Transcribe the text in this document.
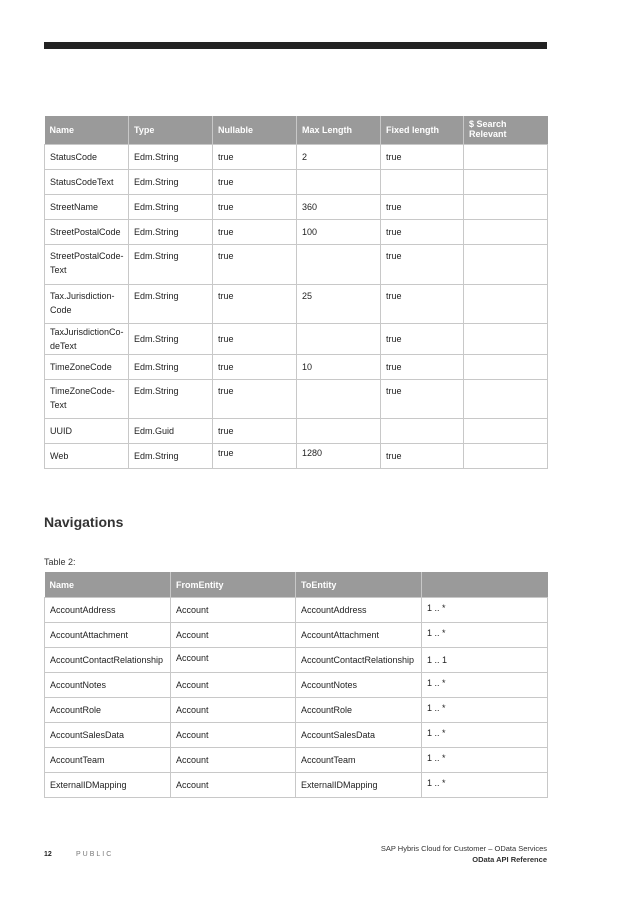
Name	Type	Nullable	Max Length	Fixed length	$ Search Relevant
StatusCode	Edm.String	true	2	true	
StatusCodeText	Edm.String	true			
StreetName	Edm.String	true	360	true	
StreetPostalCode	Edm.String	true	100	true	
StreetPostalCode-Text	Edm.String	true		true	
Tax.Jurisdiction-Code	Edm.String	true	25	true	
TaxJurisdictionCo-deText	Edm.String	true		true	
TimeZoneCode	Edm.String	true	10	true	
TimeZoneCode-Text	Edm.String	true		true	
UUID	Edm.Guid	true			
Web	Edm.String	true	1280	true	
Navigations
Table 2:
Name	FromEntity	ToEntity	
AccountAddress	Account	AccountAddress	1 .. *
AccountAttachment	Account	AccountAttachment	1 .. *
AccountContactRelationship	Account	AccountContactRelationship	1 .. 1
AccountNotes	Account	AccountNotes	1 .. *
AccountRole	Account	AccountRole	1 .. *
AccountSalesData	Account	AccountSalesData	1 .. *
AccountTeam	Account	AccountTeam	1 .. *
ExternalIDMapping	Account	ExternalIDMapping	1 .. *
SAP Hybris Cloud for Customer – OData Services
OData API Reference
12	PUBLIC
